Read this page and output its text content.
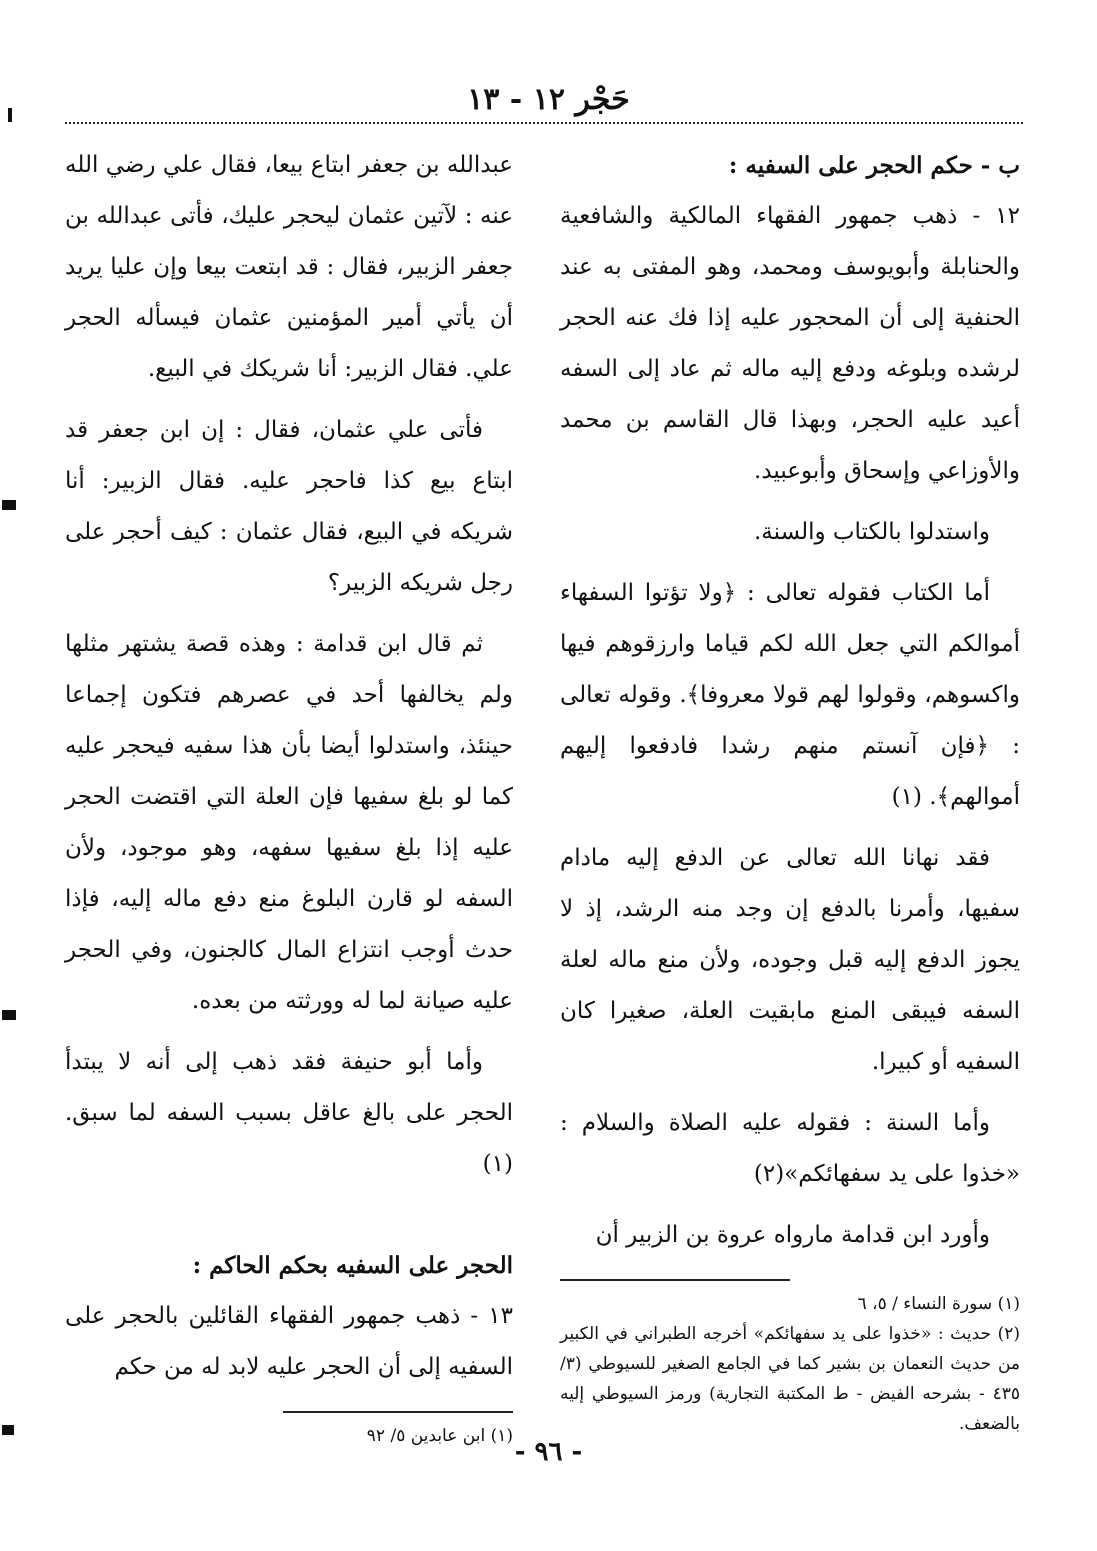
حَجْر ١٢ - ١٣

ب - حكم الحجر على السفيه :

١٢ - ذهب جمهور الفقهاء المالكية والشافعية والحنابلة وأبويوسف ومحمد، وهو المفتى به عند الحنفية إلى أن المحجور عليه إذا فك عنه الحجر لرشده وبلوغه ودفع إليه ماله ثم عاد إلى السفه أعيد عليه الحجر، وبهذا قال القاسم بن محمد والأوزاعي وإسحاق وأبوعبيد.

واستدلوا بالكتاب والسنة.

أما الكتاب فقوله تعالى : ﴿ولا تؤتوا السفهاء أموالكم التي جعل الله لكم قياما وارزقوهم فيها واكسوهم، وقولوا لهم قولا معروفا﴾. وقوله تعالى : ﴿فإن آنستم منهم رشدا فادفعوا إليهم أموالهم﴾. (١)

فقد نهانا الله تعالى عن الدفع إليه مادام سفيها، وأمرنا بالدفع إن وجد منه الرشد، إذ لا يجوز الدفع إليه قبل وجوده، ولأن منع ماله لعلة السفه فيبقى المنع مابقيت العلة، صغيرا كان السفيه أو كبيرا.

وأما السنة : فقوله عليه الصلاة والسلام : «خذوا على يد سفهائكم»(٢)

وأورد ابن قدامة مارواه عروة بن الزبير أن

(١) سورة النساء / ٥، ٦

(٢) حديث : «خذوا على يد سفهائكم» أخرجه الطبراني في الكبير من حديث النعمان بن بشير كما في الجامع الصغير للسيوطي (٣/ ٤٣٥ - بشرحه الفيض - ط المكتبة التجارية) ورمز السيوطي إليه بالضعف.

عبدالله بن جعفر ابتاع بيعا، فقال علي رضي الله عنه : لآتين عثمان ليحجر عليك، فأتى عبدالله بن جعفر الزبير، فقال : قد ابتعت بيعا وإن عليا يريد أن يأتي أمير المؤمنين عثمان فيسأله الحجر علي. فقال الزبير: أنا شريكك في البيع.

فأتى علي عثمان، فقال : إن ابن جعفر قد ابتاع بيع كذا فاحجر عليه. فقال الزبير: أنا شريكه في البيع، فقال عثمان : كيف أحجر على رجل شريكه الزبير؟

ثم قال ابن قدامة : وهذه قصة يشتهر مثلها ولم يخالفها أحد في عصرهم فتكون إجماعا حينئذ، واستدلوا أيضا بأن هذا سفيه فيحجر عليه كما لو بلغ سفيها فإن العلة التي اقتضت الحجر عليه إذا بلغ سفيها سفهه، وهو موجود، ولأن السفه لو قارن البلوغ منع دفع ماله إليه، فإذا حدث أوجب انتزاع المال كالجنون، وفي الحجر عليه صيانة لما له وورثته من بعده.

وأما أبو حنيفة فقد ذهب إلى أنه لا يبتدأ الحجر على بالغ عاقل بسبب السفه لما سبق. (١)

الحجر على السفيه بحكم الحاكم :

١٣ - ذهب جمهور الفقهاء القائلين بالحجر على السفيه إلى أن الحجر عليه لابد له من حكم

(١) ابن عابدين ٥/ ٩٢

- ٩٦ -
